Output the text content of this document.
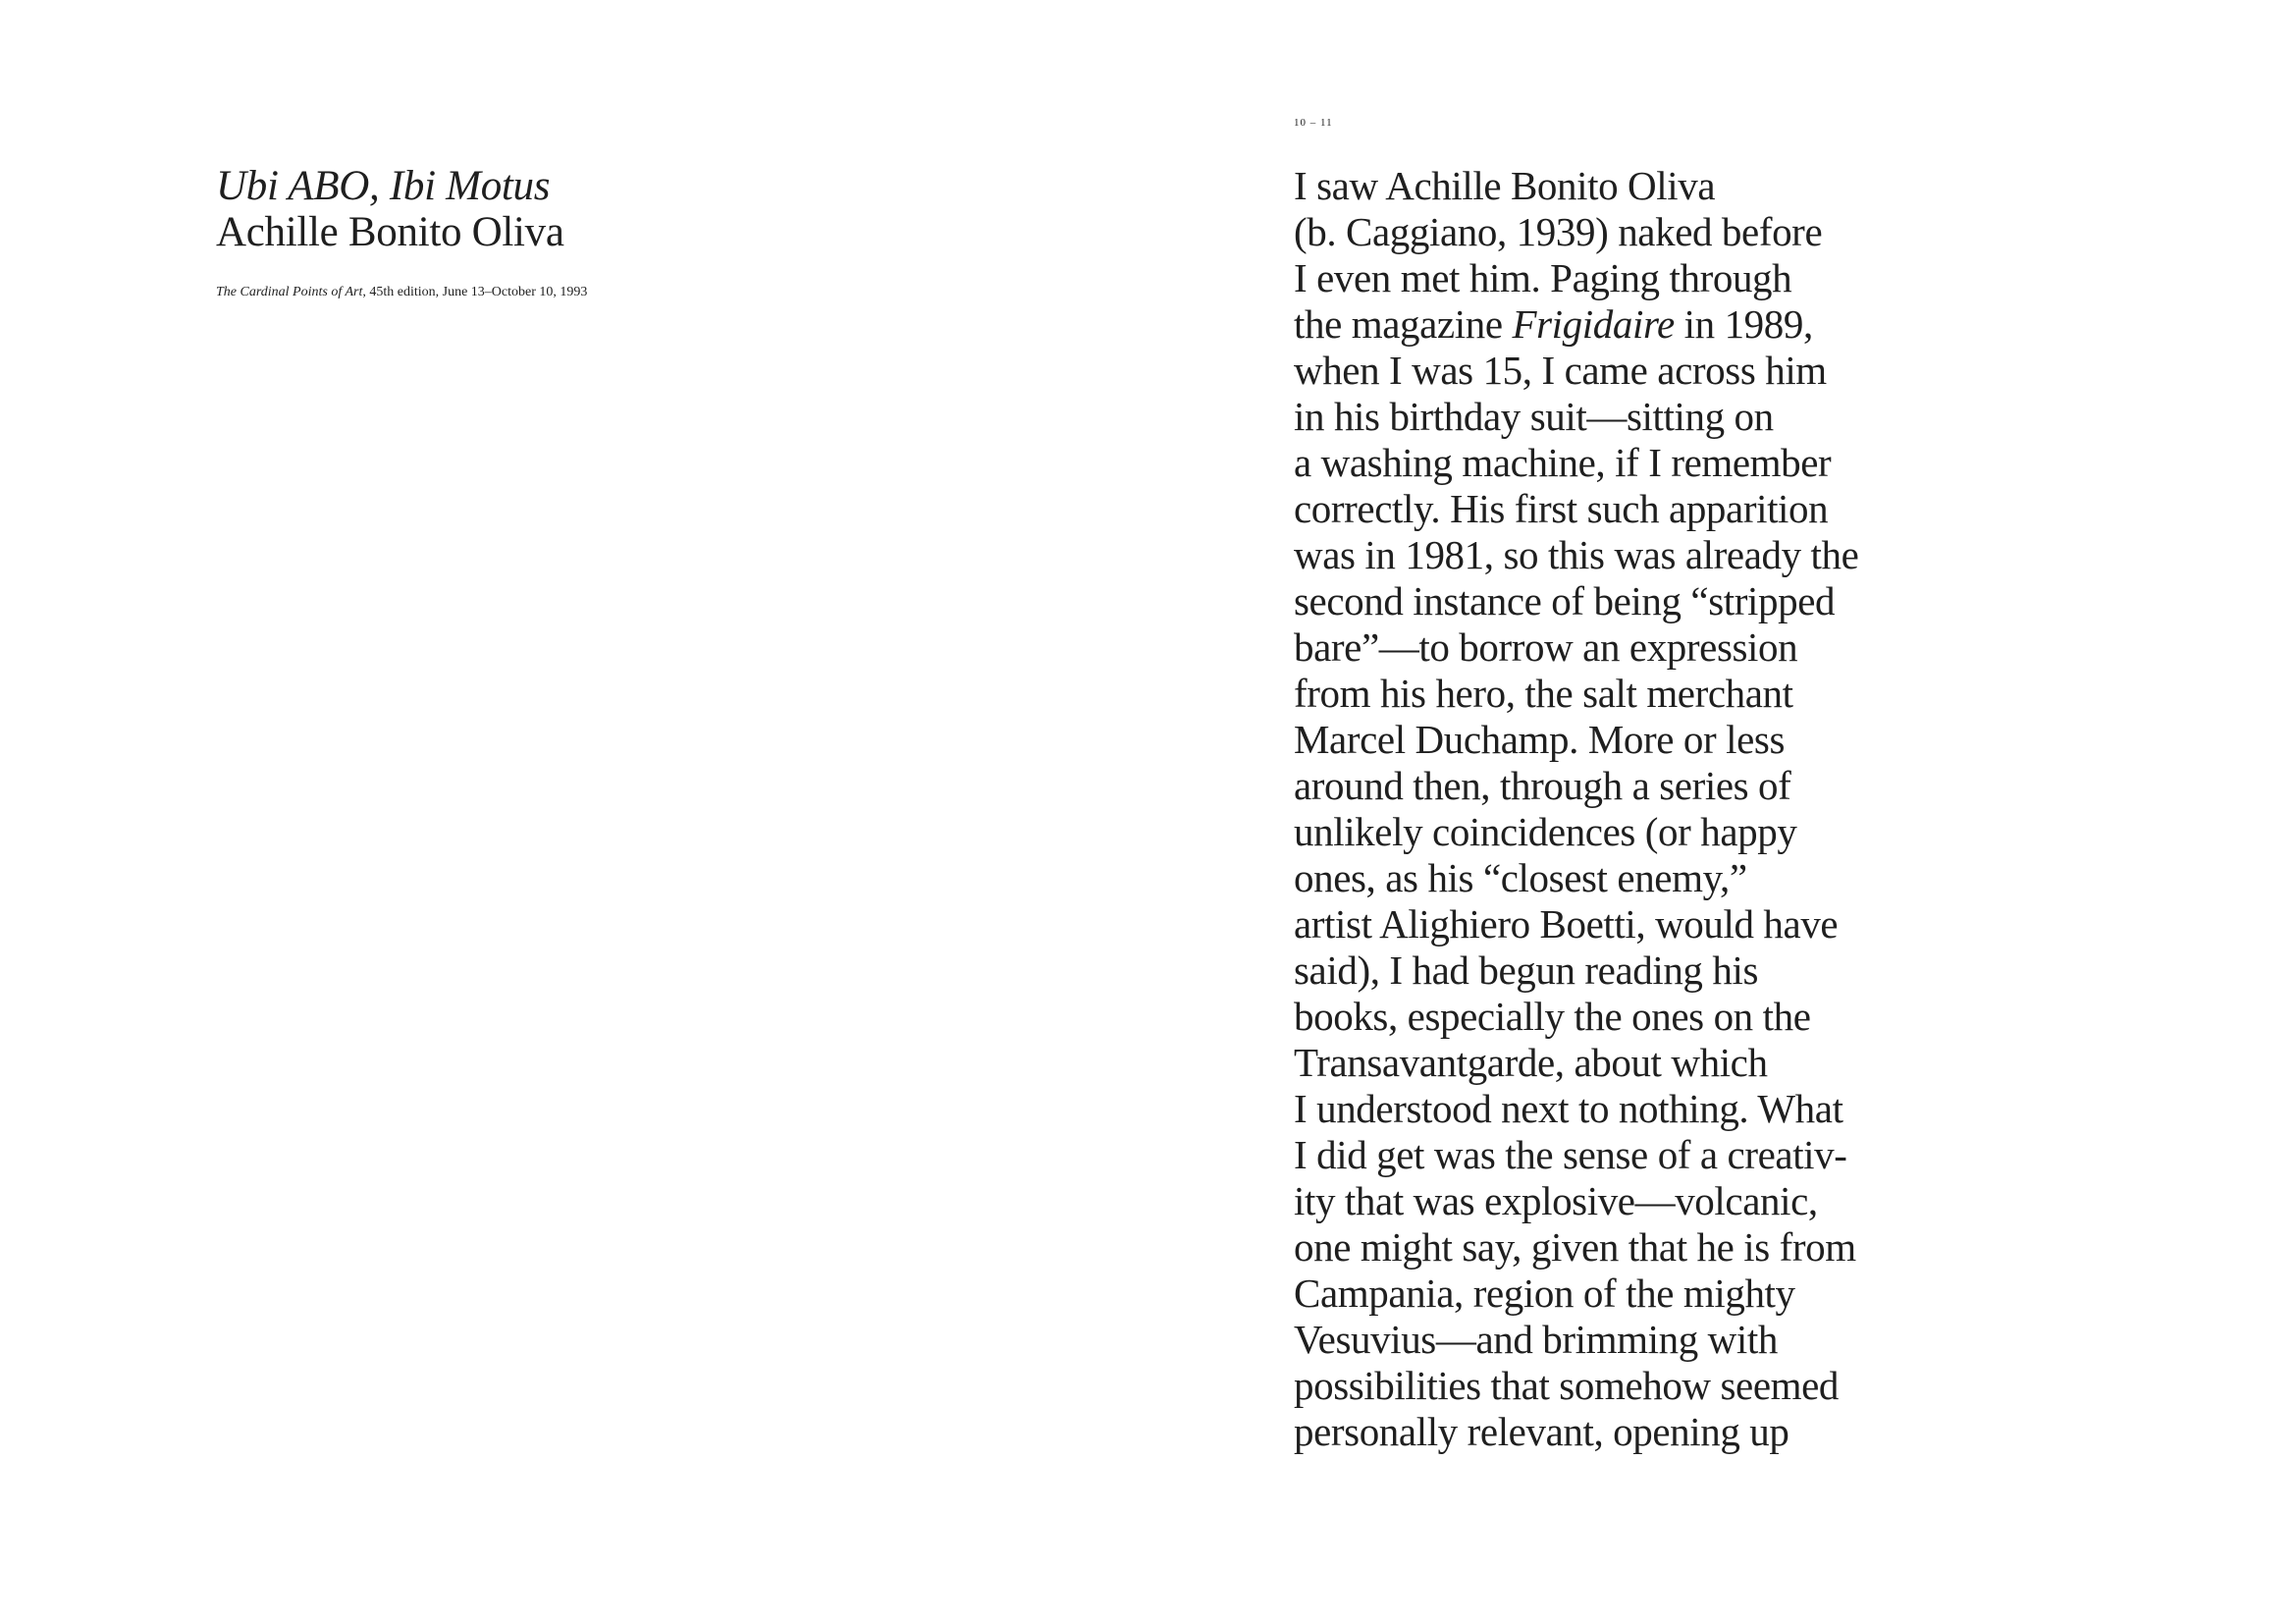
Ubi ABO, Ibi Motus
Achille Bonito Oliva
The Cardinal Points of Art, 45th edition, June 13–October 10, 1993
10 – 11
I saw Achille Bonito Oliva
(b. Caggiano, 1939) naked before
I even met him. Paging through
the magazine Frigidaire in 1989,
when I was 15, I came across him
in his birthday suit—sitting on
a washing machine, if I remember
correctly. His first such apparition
was in 1981, so this was already the
second instance of being “stripped
bare”—to borrow an expression
from his hero, the salt merchant
Marcel Duchamp. More or less
around then, through a series of
unlikely coincidences (or happy
ones, as his “closest enemy,”
artist Alighiero Boetti, would have
said), I had begun reading his
books, especially the ones on the
Transavantgarde, about which
I understood next to nothing. What
I did get was the sense of a creativ-
ity that was explosive—volcanic,
one might say, given that he is from
Campania, region of the mighty
Vesuvius—and brimming with
possibilities that somehow seemed
personally relevant, opening up
